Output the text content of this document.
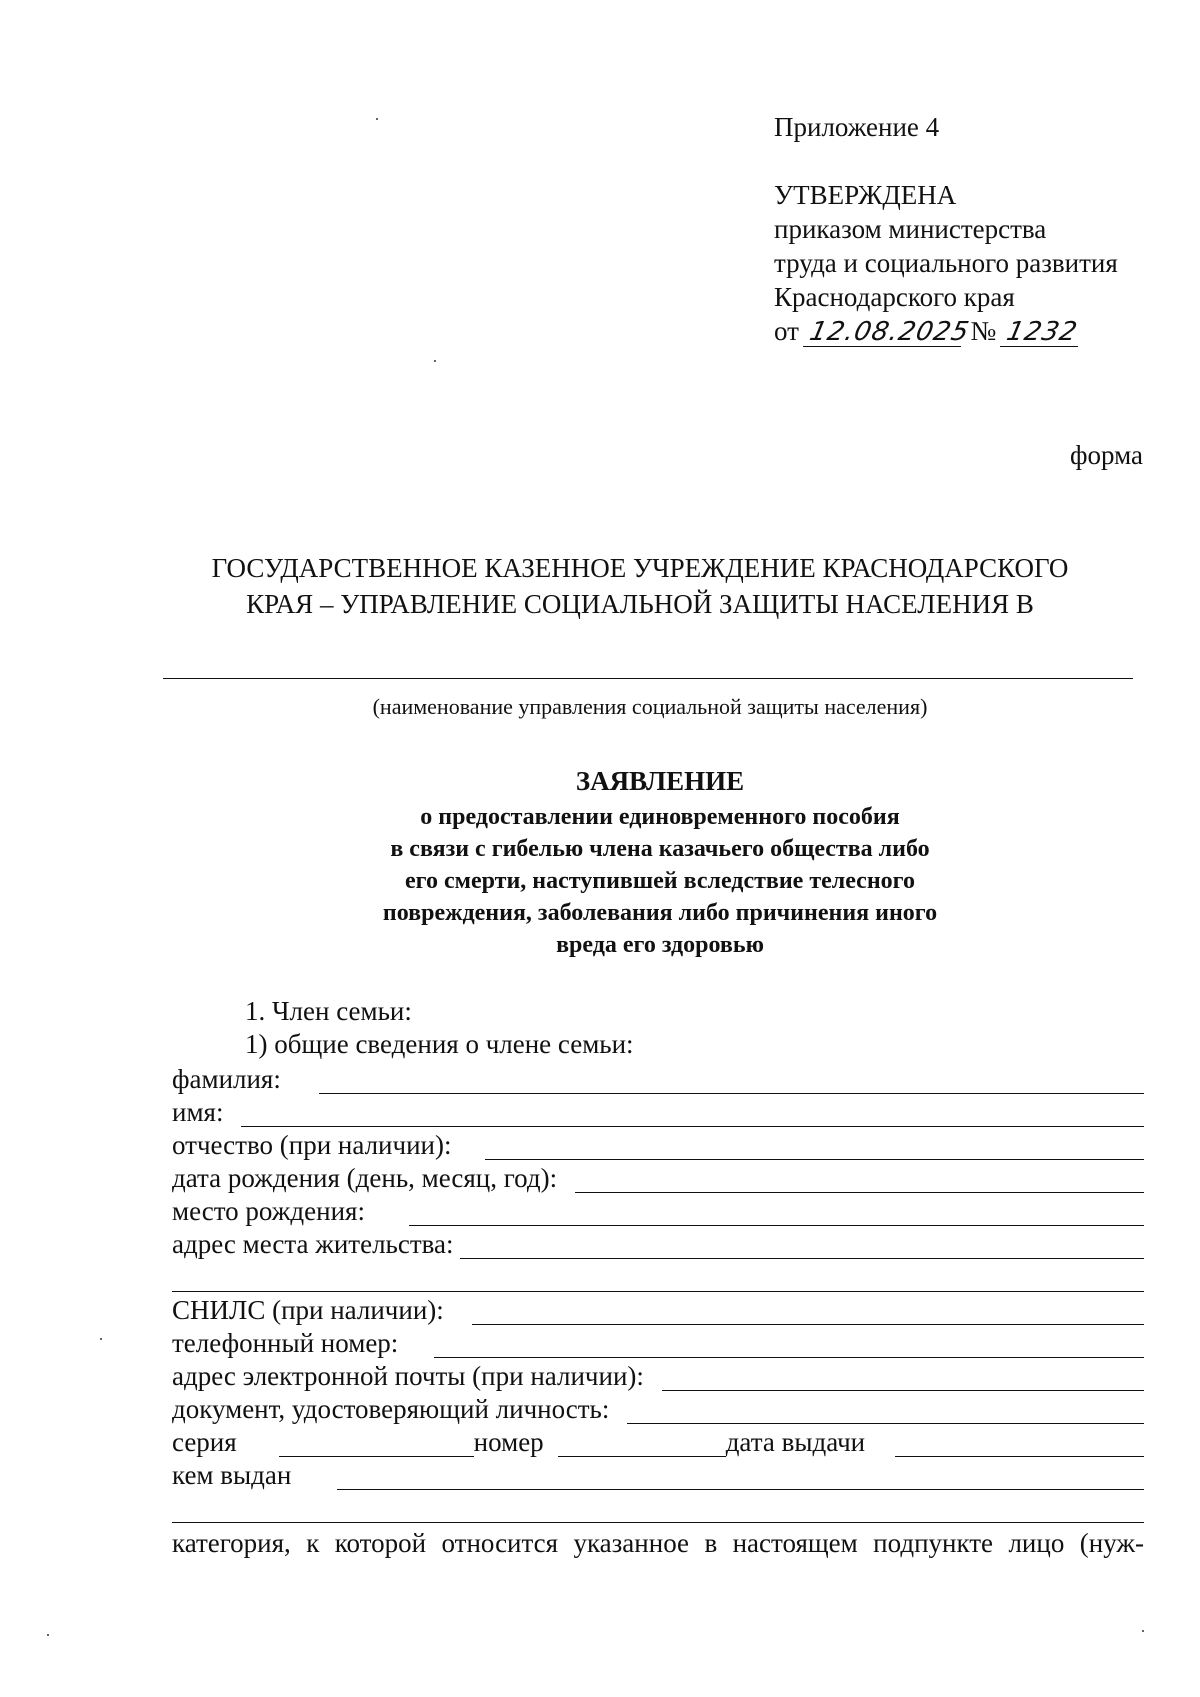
Приложение 4
УТВЕРЖДЕНА
приказом министерства
труда и социального развития
Краснодарского края
от 12.08.2025 № 1232
форма
ГОСУДАРСТВЕННОЕ КАЗЕННОЕ УЧРЕЖДЕНИЕ КРАСНОДАРСКОГО
КРАЯ – УПРАВЛЕНИЕ СОЦИАЛЬНОЙ ЗАЩИТЫ НАСЕЛЕНИЯ В
(наименование управления социальной защиты населения)
ЗАЯВЛЕНИЕ
о предоставлении единовременного пособия
в связи с гибелью члена казачьего общества либо
его смерти, наступившей вследствие телесного
повреждения, заболевания либо причинения иного
вреда его здоровью
1. Член семьи:
1) общие сведения о члене семьи:
фамилия:
имя:
отчество (при наличии):
дата рождения (день, месяц, год):
место рождения:
адрес места жительства:
СНИЛС (при наличии):
телефонный номер:
адрес электронной почты (при наличии):
документ, удостоверяющий личность:
серия	номер	дата выдачи
кем выдан
категория, к которой относится указанное в настоящем подпункте лицо (нуж-
